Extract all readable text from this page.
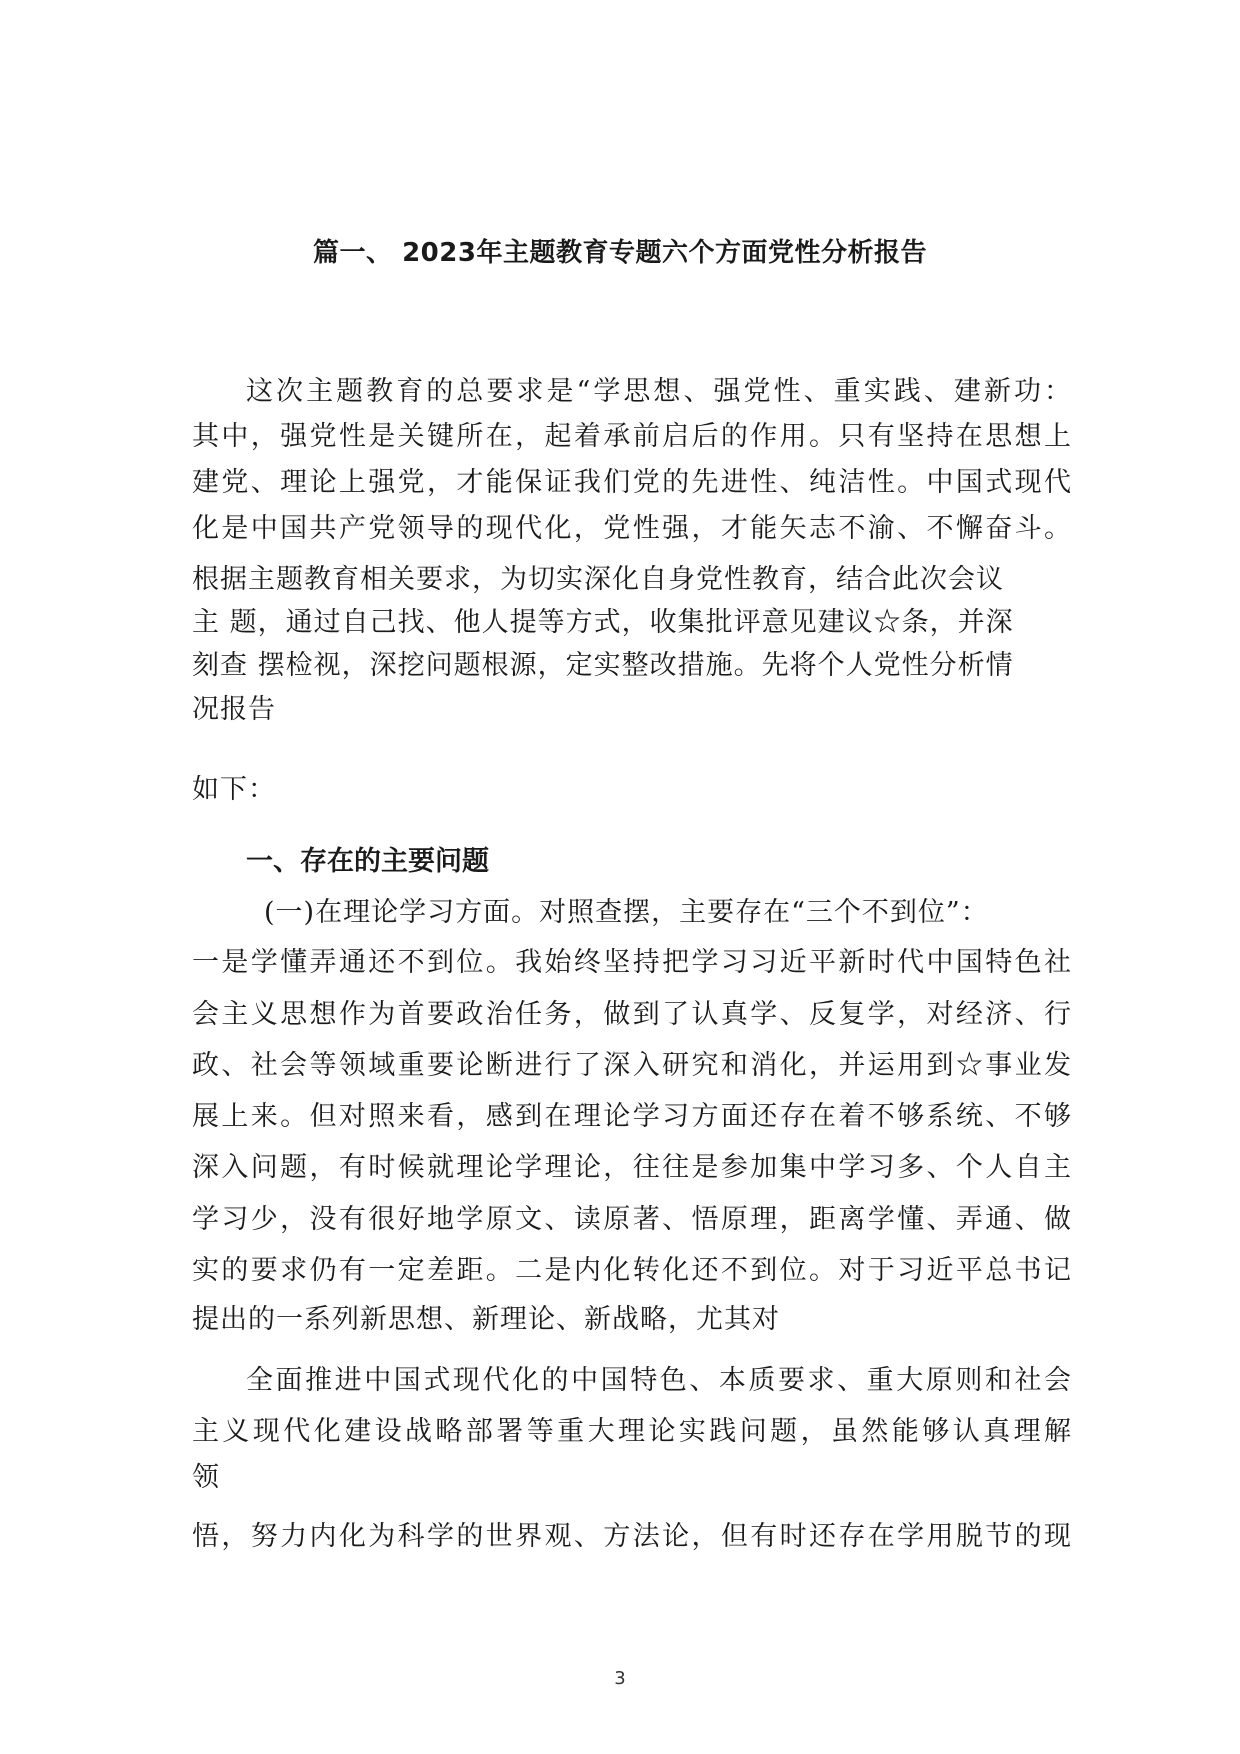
篇一、 2023年主题教育专题六个方面党性分析报告

这次主题教育的总要求是“学思想、强党性、重实践、建新功：

其中，强党性是关键所在，起着承前启后的作用。只有坚持在思想上

建党、理论上强党，才能保证我们党的先进性、纯洁性。中国式现代

化是中国共产党领导的现代化，党性强，才能矢志不渝、不懈奋斗。

根据主题教育相关要求，为切实深化自身党性教育，结合此次会议

主 题，通过自己找、他人提等方式，收集批评意见建议☆条，并深

刻查 摆检视，深挖问题根源，定实整改措施。先将个人党性分析情

况报告

如下：

一、存在的主要问题

(一)在理论学习方面。对照查摆，主要存在“三个不到位”：

一是学懂弄通还不到位。我始终坚持把学习习近平新时代中国特色社

会主义思想作为首要政治任务，做到了认真学、反复学，对经济、行

政、社会等领域重要论断进行了深入研究和消化，并运用到☆事业发

展上来。但对照来看，感到在理论学习方面还存在着不够系统、不够

深入问题，有时候就理论学理论，往往是参加集中学习多、个人自主

学习少，没有很好地学原文、读原著、悟原理，距离学懂、弄通、做

实的要求仍有一定差距。二是内化转化还不到位。对于习近平总书记

提出的一系列新思想、新理论、新战略，尤其对

全面推进中国式现代化的中国特色、本质要求、重大原则和社会

主义现代化建设战略部署等重大理论实践问题，虽然能够认真理解

领

悟，努力内化为科学的世界观、方法论，但有时还存在学用脱节的现

3
